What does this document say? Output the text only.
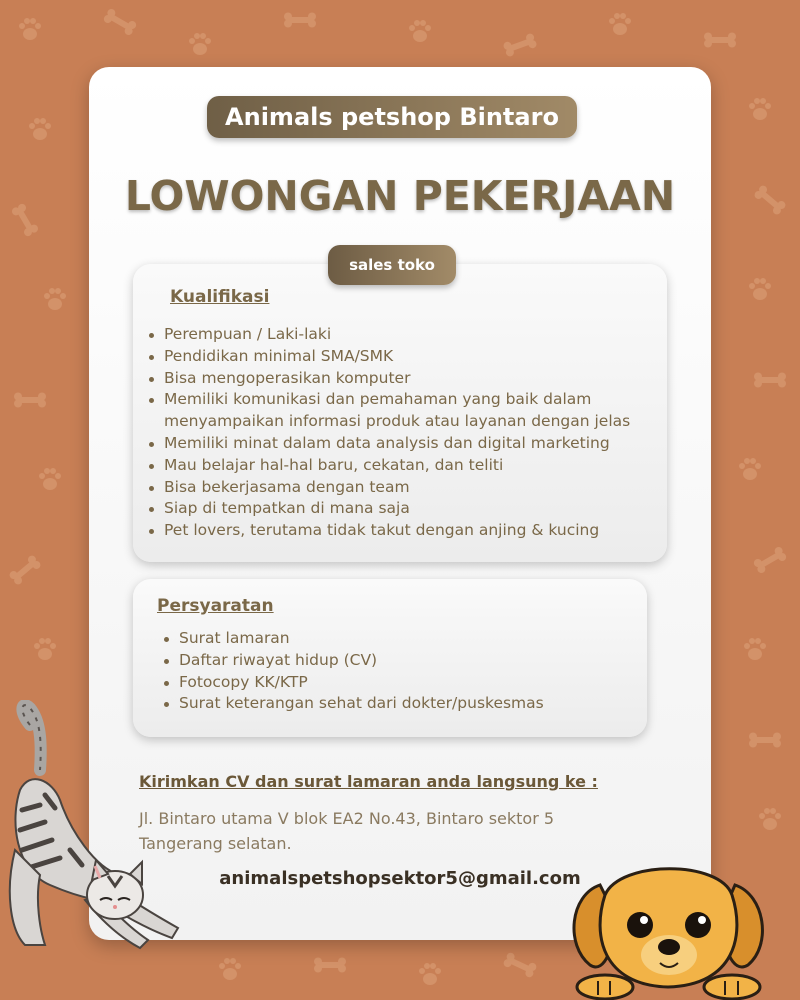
Animals petshop Bintaro
LOWONGAN PEKERJAAN
sales toko
Kualifikasi
Perempuan / Laki-laki
Pendidikan minimal SMA/SMK
Bisa mengoperasikan komputer
Memiliki komunikasi dan pemahaman yang baik dalam
menyampaikan informasi produk atau layanan dengan jelas
Memiliki minat dalam data analysis dan digital marketing
Mau belajar hal-hal baru, cekatan, dan teliti
Bisa bekerjasama dengan team
Siap di tempatkan di mana saja
Pet lovers, terutama tidak takut dengan anjing & kucing
Persyaratan
Surat lamaran
Daftar riwayat hidup (CV)
Fotocopy KK/KTP
Surat keterangan sehat dari dokter/puskesmas
Kirimkan CV dan surat lamaran anda langsung ke :
Jl. Bintaro utama V blok EA2 No.43, Bintaro sektor 5
Tangerang selatan.
animalspetshopsektor5@gmail.com
